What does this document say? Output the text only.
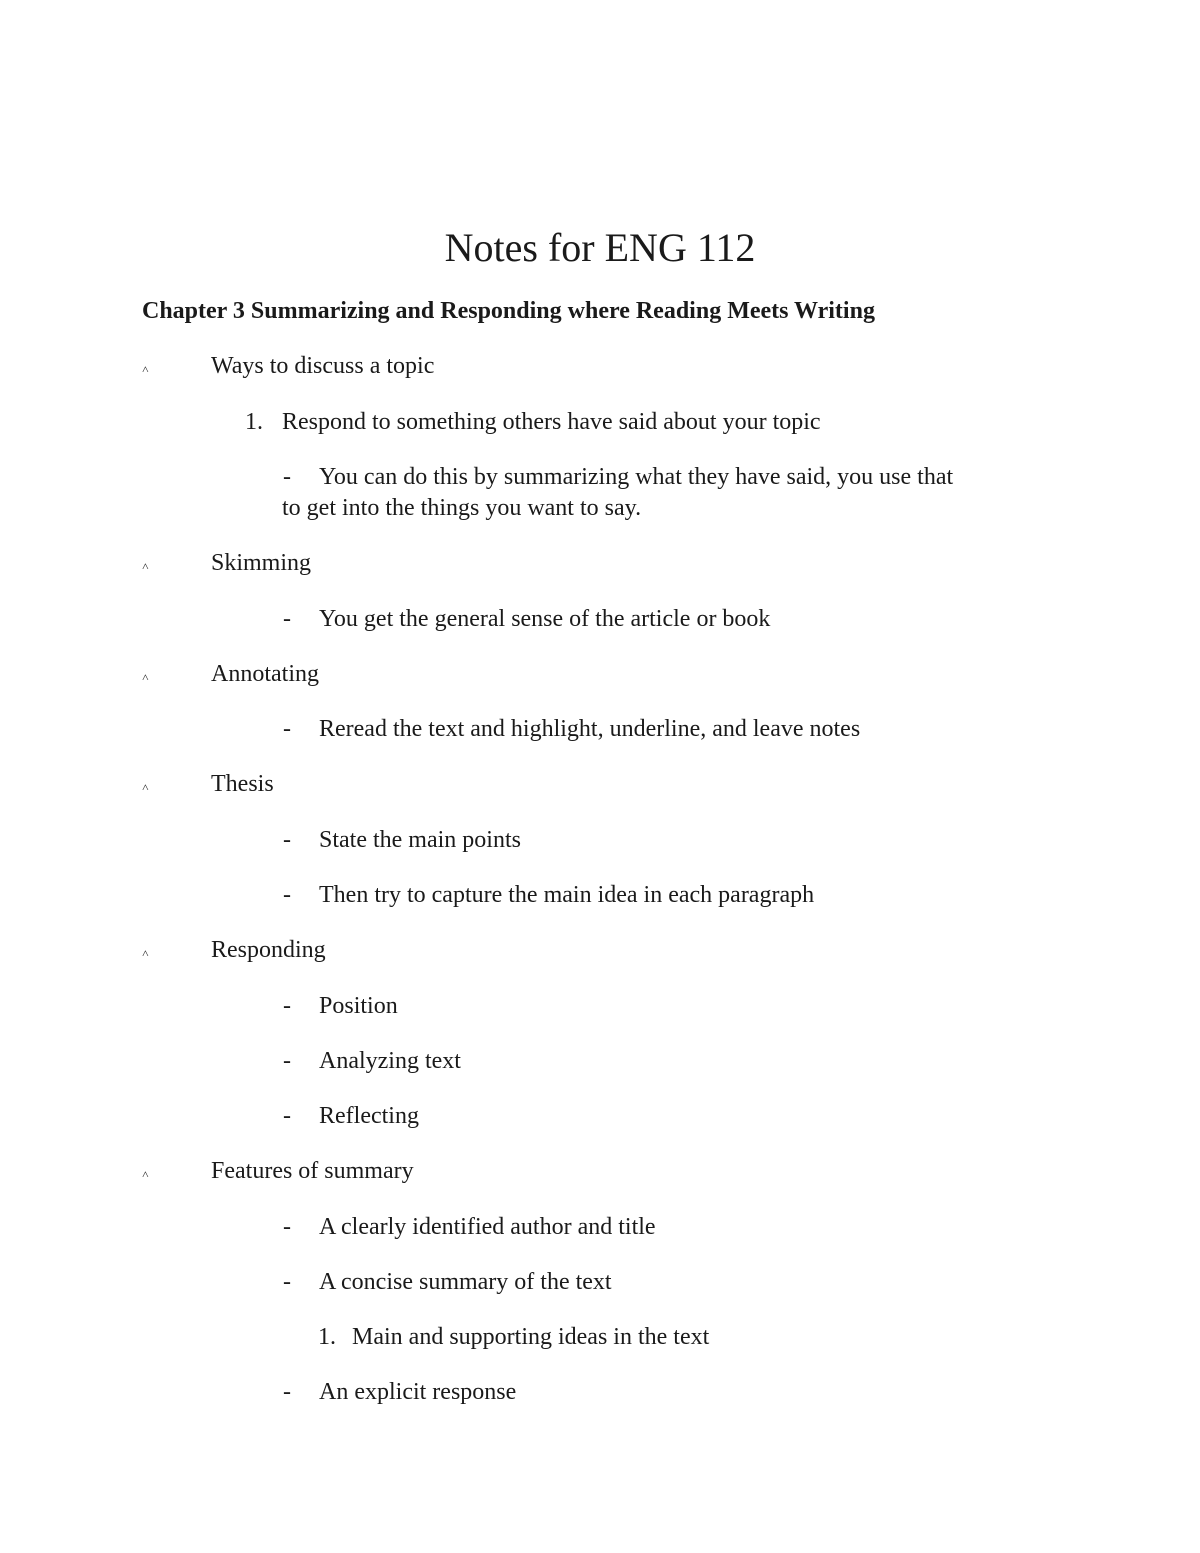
Notes for ENG 112
Chapter 3 Summarizing and Responding where Reading Meets Writing
˄	Ways to discuss a topic
1. Respond to something others have said about your topic
- You can do this by summarizing what they have said, you use that
to get into the things you want to say.
˄	Skimming
- You get the general sense of the article or book
˄	Annotating
- Reread the text and highlight, underline, and leave notes
˄	Thesis
- State the main points
- Then try to capture the main idea in each paragraph
˄	Responding
- Position
- Analyzing text
- Reflecting
˄	Features of summary
- A clearly identified author and title
- A concise summary of the text
1. Main and supporting ideas in the text
- An explicit response
